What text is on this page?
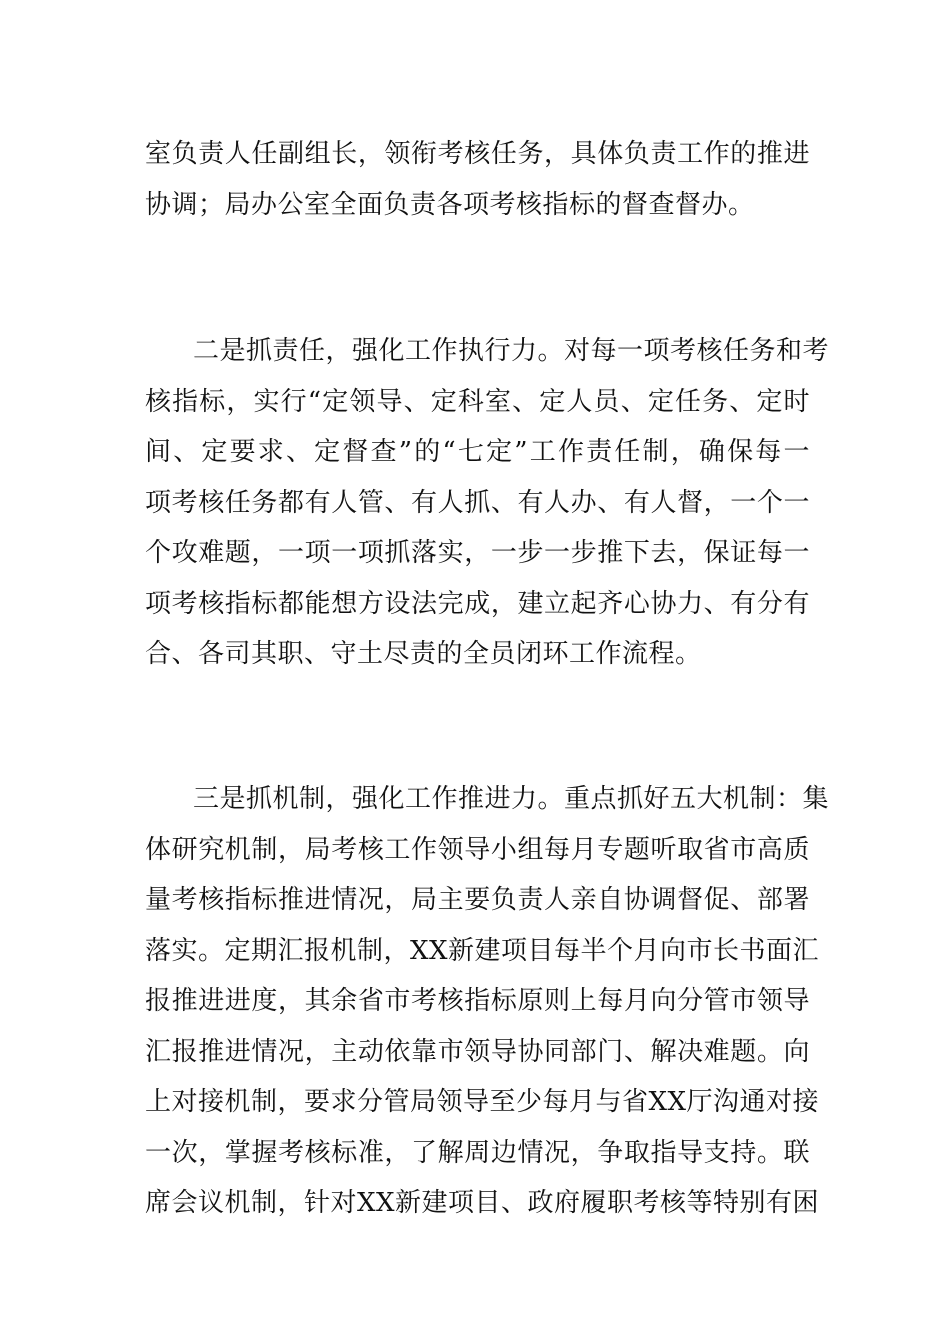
室负责人任副组长，领衔考核任务，具体负责工作的推进
协调；局办公室全面负责各项考核指标的督查督办。
二是抓责任，强化工作执行力。对每一项考核任务和考
核指标，实行“定领导、定科室、定人员、定任务、定时
间、定要求、定督查”的“七定”工作责任制，确保每一
项考核任务都有人管、有人抓、有人办、有人督，一个一
个攻难题，一项一项抓落实，一步一步推下去，保证每一
项考核指标都能想方设法完成，建立起齐心协力、有分有
合、各司其职、守土尽责的全员闭环工作流程。
三是抓机制，强化工作推进力。重点抓好五大机制：集
体研究机制，局考核工作领导小组每月专题听取省市高质
量考核指标推进情况，局主要负责人亲自协调督促、部署
落实。定期汇报机制，XX新建项目每半个月向市长书面汇
报推进进度，其余省市考核指标原则上每月向分管市领导
汇报推进情况，主动依靠市领导协同部门、解决难题。向
上对接机制，要求分管局领导至少每月与省XX厅沟通对接
一次，掌握考核标准，了解周边情况，争取指导支持。联
席会议机制，针对XX新建项目、政府履职考核等特别有困
